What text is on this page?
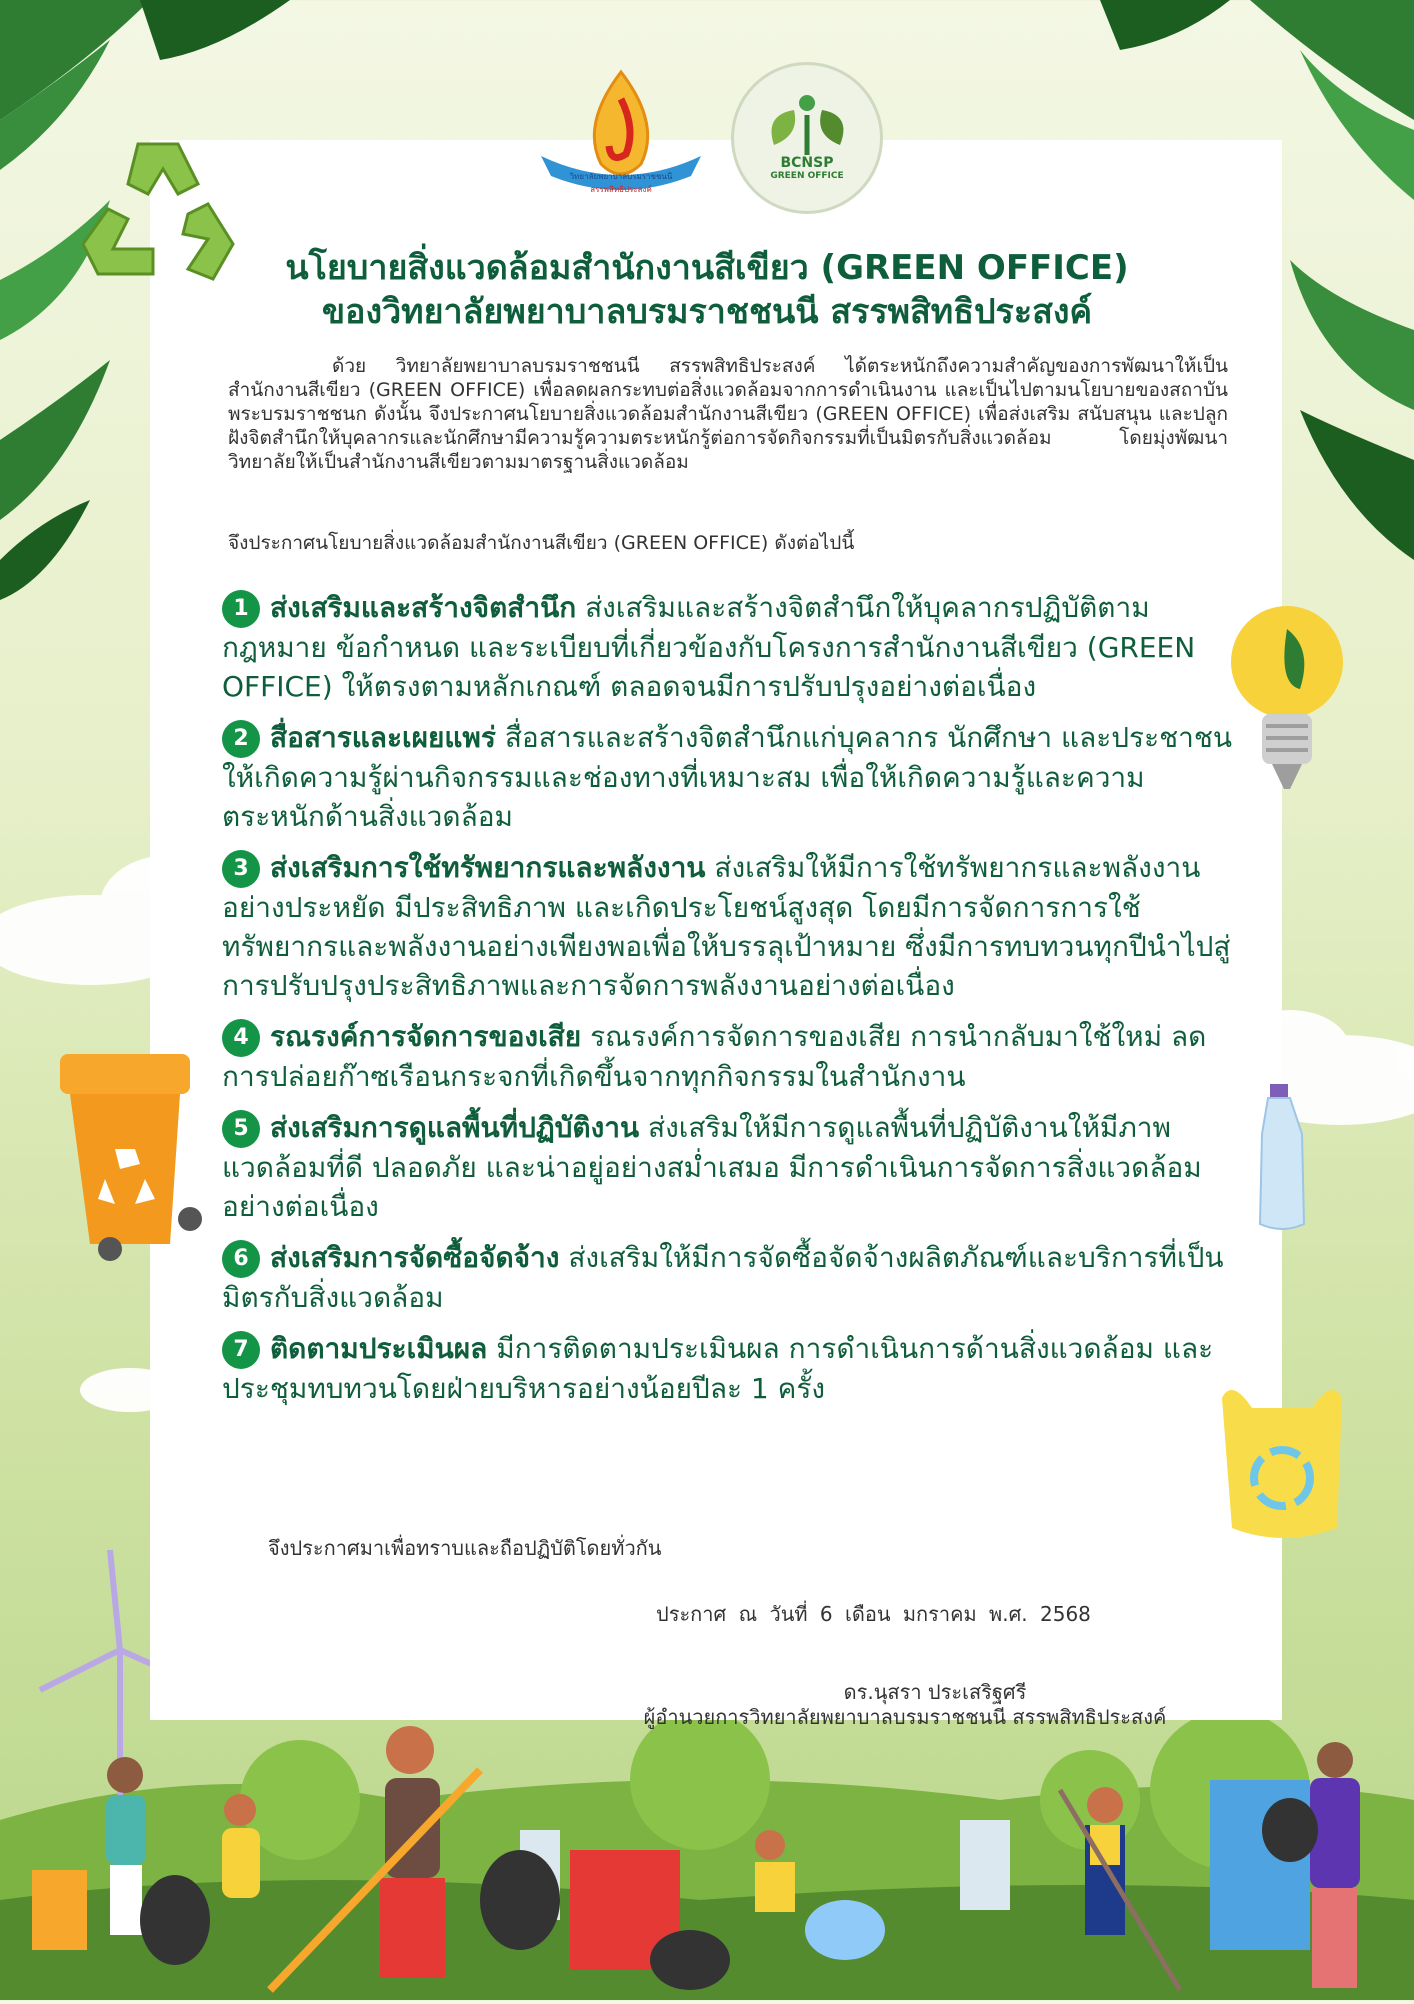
วิทยาลัยพยาบาลบรมราชชนนี
สรรพสิทธิประสงค์
BCNSP
GREEN OFFICE
นโยบายสิ่งแวดล้อมสำนักงานสีเขียว (GREEN OFFICE)
ของวิทยาลัยพยาบาลบรมราชชนนี สรรพสิทธิประสงค์

ด้วย วิทยาลัยพยาบาลบรมราชชนนี สรรพสิทธิประสงค์ ได้ตระหนักถึงความสำคัญของการพัฒนาให้เป็นสำนักงานสีเขียว (GREEN OFFICE) เพื่อลดผลกระทบต่อสิ่งแวดล้อมจากการดำเนินงาน และเป็นไปตามนโยบายของสถาบันพระบรมราชชนก ดังนั้น จึงประกาศนโยบายสิ่งแวดล้อมสำนักงานสีเขียว (GREEN OFFICE) เพื่อส่งเสริม สนับสนุน และปลูกฝังจิตสำนึกให้บุคลากรและนักศึกษามีความรู้ความตระหนักรู้ต่อการจัดกิจกรรมที่เป็นมิตรกับสิ่งแวดล้อม โดยมุ่งพัฒนาวิทยาลัยให้เป็นสำนักงานสีเขียวตามมาตรฐานสิ่งแวดล้อม

จึงประกาศนโยบายสิ่งแวดล้อมสำนักงานสีเขียว (GREEN OFFICE) ดังต่อไปนี้
1 ส่งเสริมและสร้างจิตสำนึก ส่งเสริมและสร้างจิตสำนึกให้บุคลากรปฏิบัติตามกฎหมาย ข้อกำหนด และระเบียบที่เกี่ยวข้องกับโครงการสำนักงานสีเขียว (GREEN OFFICE) ให้ตรงตามหลักเกณฑ์ ตลอดจนมีการปรับปรุงอย่างต่อเนื่อง
2 สื่อสารและเผยแพร่ สื่อสารและสร้างจิตสำนึกแก่บุคลากร นักศึกษา และประชาชนให้เกิดความรู้ผ่านกิจกรรมและช่องทางที่เหมาะสม เพื่อให้เกิดความรู้และความตระหนักด้านสิ่งแวดล้อม
3 ส่งเสริมการใช้ทรัพยากรและพลังงาน ส่งเสริมให้มีการใช้ทรัพยากรและพลังงานอย่างประหยัด มีประสิทธิภาพ และเกิดประโยชน์สูงสุด โดยมีการจัดการการใช้ทรัพยากรและพลังงานอย่างเพียงพอเพื่อให้บรรลุเป้าหมาย ซึ่งมีการทบทวนทุกปีนำไปสู่การปรับปรุงประสิทธิภาพและการจัดการพลังงานอย่างต่อเนื่อง
4 รณรงค์การจัดการของเสีย รณรงค์การจัดการของเสีย การนำกลับมาใช้ใหม่ ลดการปล่อยก๊าซเรือนกระจกที่เกิดขึ้นจากทุกกิจกรรมในสำนักงาน
5 ส่งเสริมการดูแลพื้นที่ปฏิบัติงาน ส่งเสริมให้มีการดูแลพื้นที่ปฏิบัติงานให้มีภาพแวดล้อมที่ดี ปลอดภัย และน่าอยู่อย่างสม่ำเสมอ มีการดำเนินการจัดการสิ่งแวดล้อมอย่างต่อเนื่อง
6 ส่งเสริมการจัดซื้อจัดจ้าง ส่งเสริมให้มีการจัดซื้อจัดจ้างผลิตภัณฑ์และบริการที่เป็นมิตรกับสิ่งแวดล้อม
7 ติดตามประเมินผล มีการติดตามประเมินผล การดำเนินการด้านสิ่งแวดล้อม และประชุมทบทวนโดยฝ่ายบริหารอย่างน้อยปีละ 1 ครั้ง
จึงประกาศมาเพื่อทราบและถือปฏิบัติโดยทั่วกัน
ประกาศ ณ วันที่ 6 เดือน มกราคม พ.ศ. 2568
ดร.นุสรา ประเสริฐศรี
ผู้อำนวยการวิทยาลัยพยาบาลบรมราชชนนี สรรพสิทธิประสงค์
